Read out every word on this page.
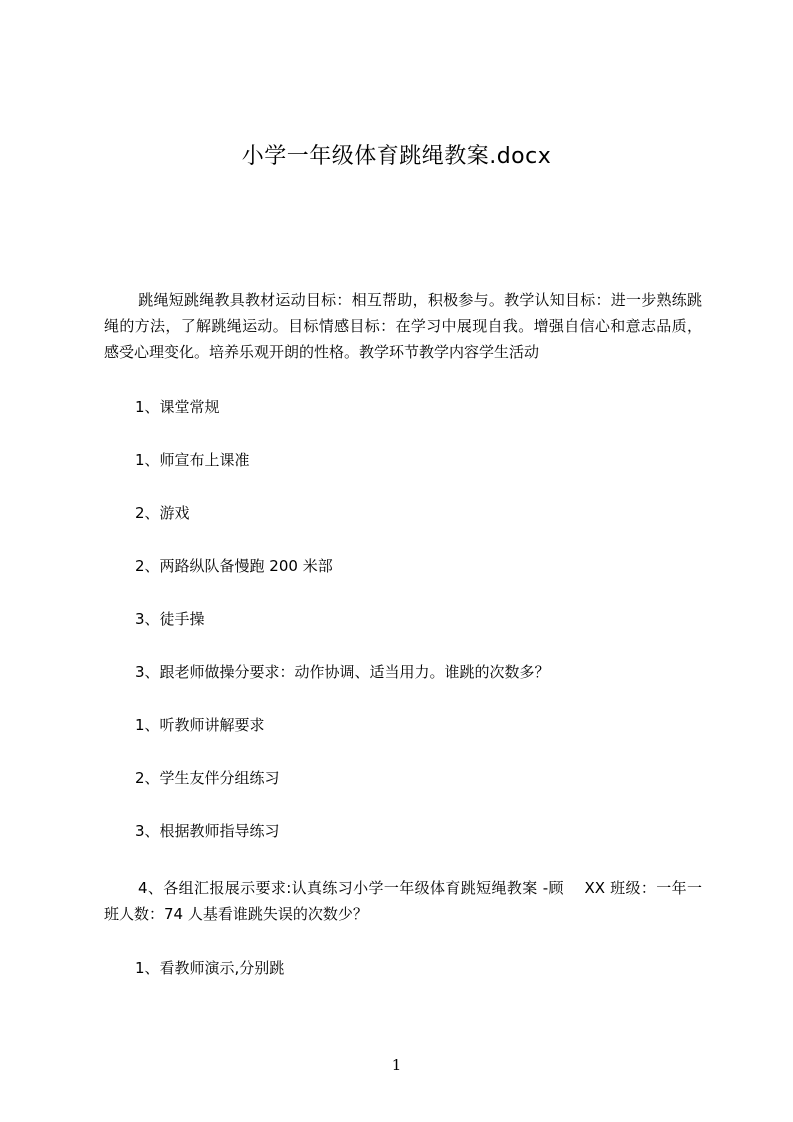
小学一年级体育跳绳教案.docx
跳绳短跳绳教具教材运动目标：相互帮助，积极参与。教学认知目标：进一步熟练跳绳的方法，了解跳绳运动。目标情感目标：在学习中展现自我。增强自信心和意志品质，感受心理变化。培养乐观开朗的性格。教学环节教学内容学生活动
1、课堂常规
1、师宣布上课准
2、游戏
2、两路纵队备慢跑 200 米部
3、徒手操
3、跟老师做操分要求：动作协调、适当用力。谁跳的次数多？
1、听教师讲解要求
2、学生友伴分组练习
3、根据教师指导练习
4、各组汇报展示要求:认真练习小学一年级体育跳短绳教案 -顾　 XX 班级：一年一班人数：74 人基看谁跳失误的次数少？
1、看教师演示,分别跳
1
